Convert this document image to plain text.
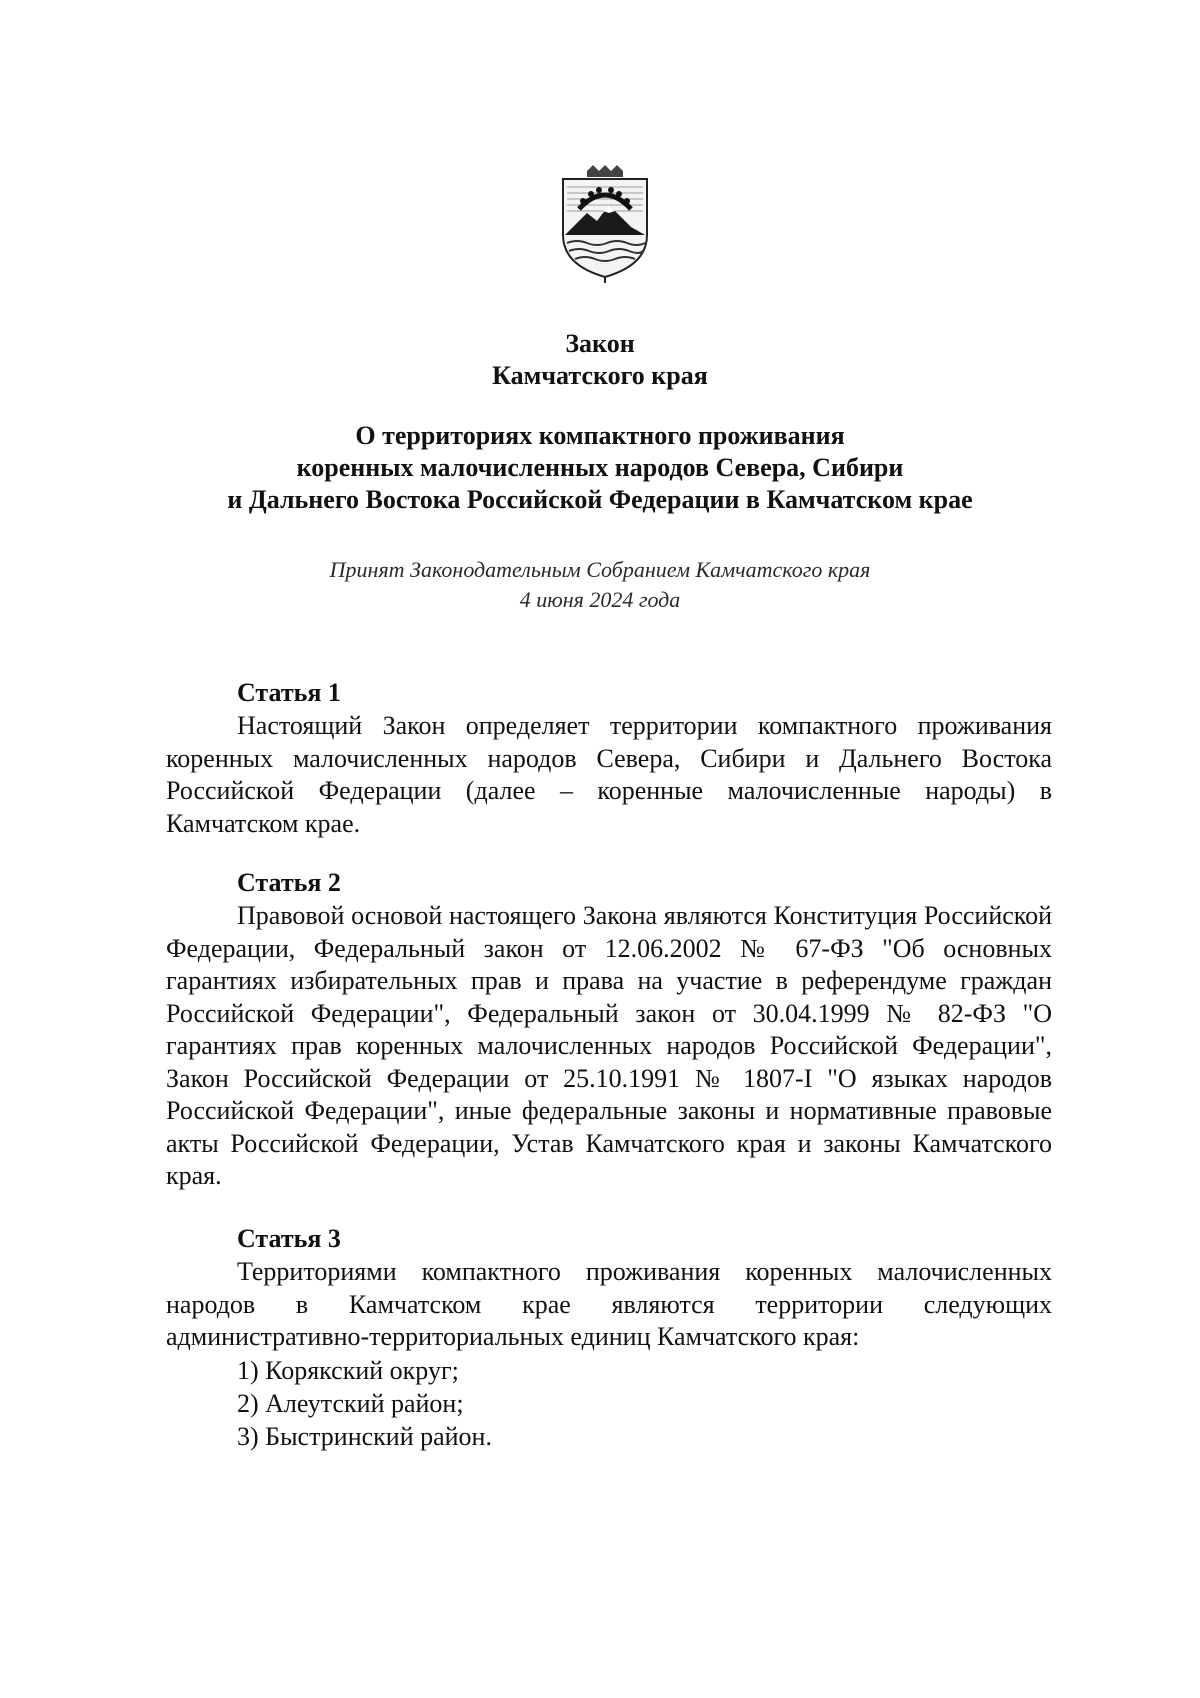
Закон
Камчатского края
О территориях компактного проживания
коренных малочисленных народов Севера, Сибири
и Дальнего Востока Российской Федерации в Камчатском крае
Принят Законодательным Собранием Камчатского края
4 июня 2024 года
Статья 1

Настоящий Закон определяет территории компактного проживания коренных малочисленных народов Севера, Сибири и Дальнего Востока Российской Федерации (далее – коренные малочисленные народы) в Камчатском крае.

Статья 2

Правовой основой настоящего Закона являются Конституция Российской Федерации, Федеральный закон от 12.06.2002 № 67-ФЗ "Об основных гарантиях избирательных прав и права на участие в референдуме граждан Российской Федерации", Федеральный закон от 30.04.1999 № 82-ФЗ "О гарантиях прав коренных малочисленных народов Российской Федерации", Закон Российской Федерации от 25.10.1991 № 1807-I "О языках народов Российской Федерации", иные федеральные законы и нормативные правовые акты Российской Федерации, Устав Камчатского края и законы Камчатского края.

Статья 3

Территориями компактного проживания коренных малочисленных народов в Камчатском крае являются территории следующих административно-территориальных единиц Камчатского края:

1) Корякский округ;
2) Алеутский район;
3) Быстринский район.
